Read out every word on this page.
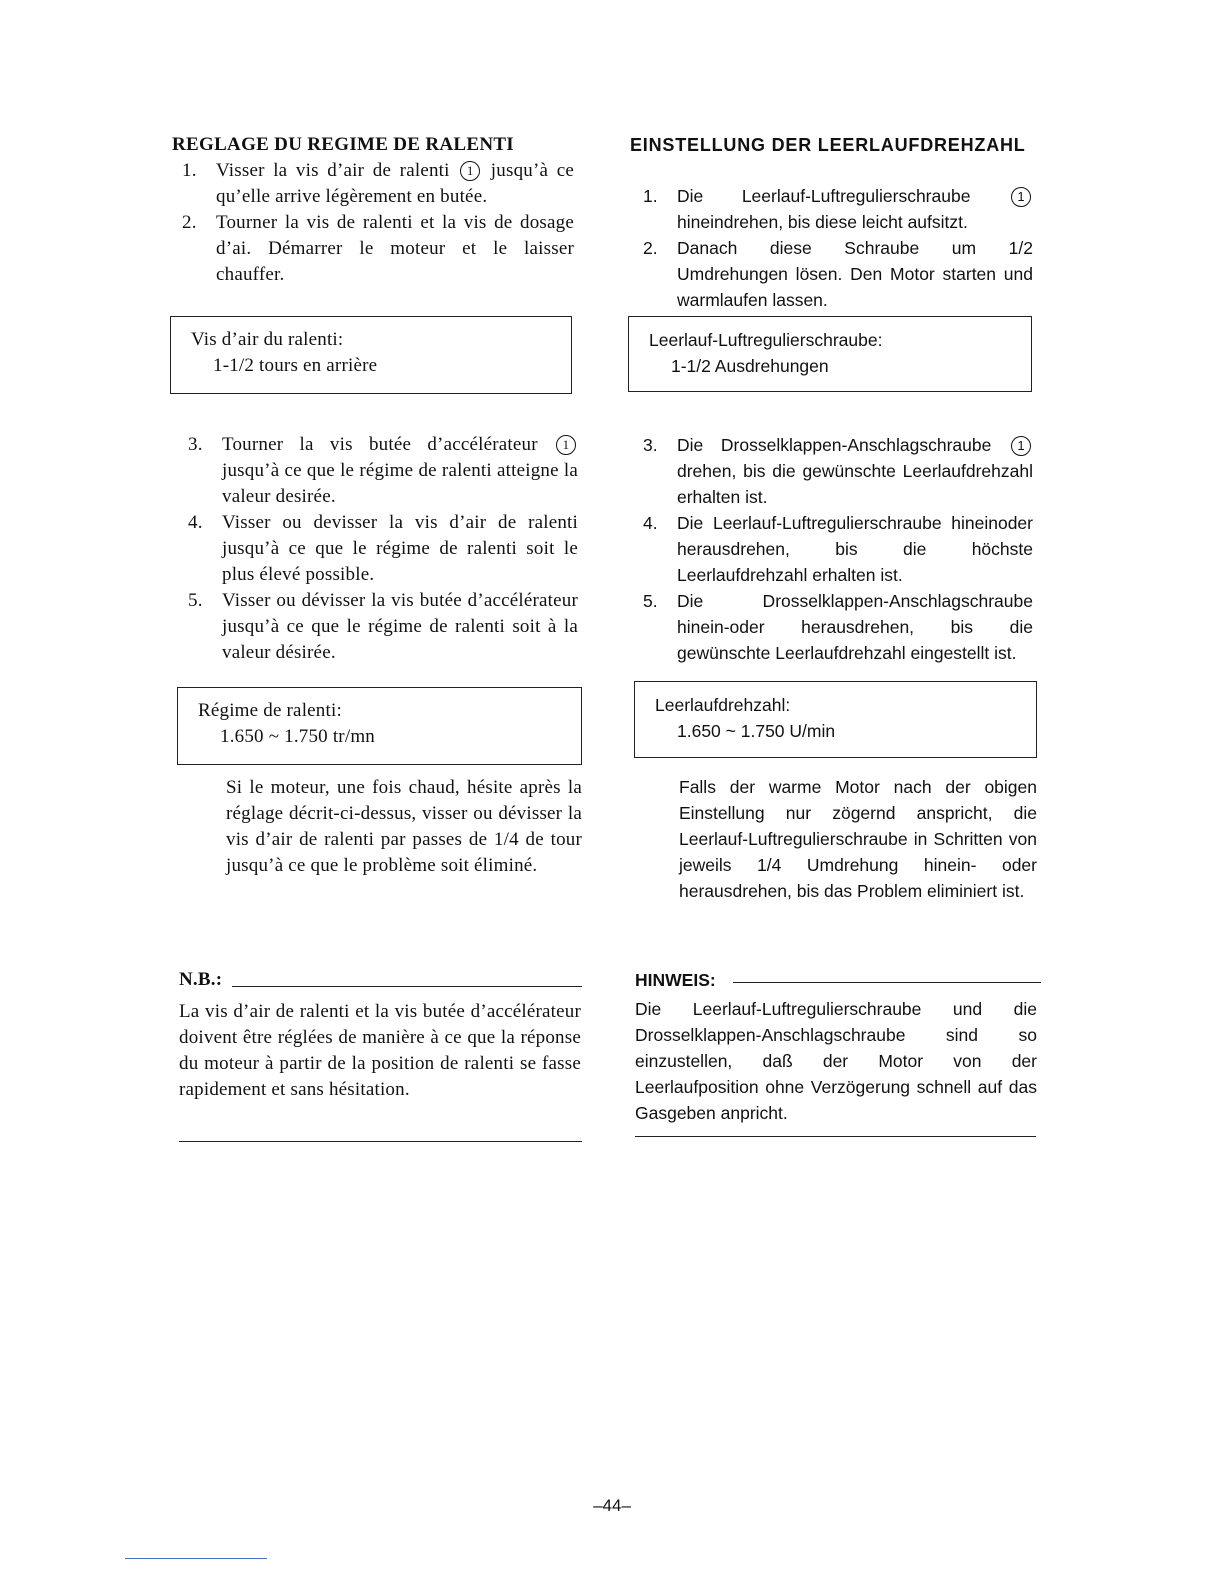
REGLAGE DU REGIME DE RALENTI
1. Visser la vis d’air de ralenti 1 jusqu’à ce qu’elle arrive légèrement en butée.
2. Tourner la vis de ralenti et la vis de dosage d’ai. Démarrer le moteur et le laisser chauffer.
Vis d’air du ralenti:
1-1/2 tours en arrière
3. Tourner la vis butée d’accélérateur 1 jusqu’à ce que le régime de ralenti atteigne la valeur desirée.
4. Visser ou devisser la vis d’air de ralenti jusqu’à ce que le régime de ralenti soit le plus élevé possible.
5. Visser ou dévisser la vis butée d’accélérateur jusqu’à ce que le régime de ralenti soit à la valeur désirée.
Régime de ralenti:
1.650 ~ 1.750 tr/mn
Si le moteur, une fois chaud, hésite après la réglage décrit-ci-dessus, visser ou dévisser la vis d’air de ralenti par passes de 1/4 de tour jusqu’à ce que le problème soit éliminé.
N.B.:
La vis d’air de ralenti et la vis butée d’accélérateur doivent être réglées de manière à ce que la réponse du moteur à partir de la position de ralenti se fasse rapidement et sans hésitation.
EINSTELLUNG DER LEERLAUFDREHZAHL
1. Die Leerlauf-Luftregulierschraube 1 hineindrehen, bis diese leicht aufsitzt.
2. Danach diese Schraube um 1/2 Umdrehungen lösen. Den Motor starten und warmlaufen lassen.
Leerlauf-Luftregulierschraube:
1-1/2 Ausdrehungen
3. Die Drosselklappen-Anschlagschraube 1 drehen, bis die gewünschte Leerlaufdrehzahl erhalten ist.
4. Die Leerlauf-Luftregulierschraube hineinoder herausdrehen, bis die höchste Leerlaufdrehzahl erhalten ist.
5. Die Drosselklappen-Anschlagschraube hinein-oder herausdrehen, bis die gewünschte Leerlaufdrehzahl eingestellt ist.
Leerlaufdrehzahl:
1.650 ~ 1.750 U/min
Falls der warme Motor nach der obigen Einstellung nur zögernd anspricht, die Leerlauf-Luftregulierschraube in Schritten von jeweils 1/4 Umdrehung hinein- oder herausdrehen, bis das Problem eliminiert ist.
HINWEIS:
Die Leerlauf-Luftregulierschraube und die Drosselklappen-Anschlagschraube sind so einzustellen, daß der Motor von der Leerlaufposition ohne Verzögerung schnell auf das Gasgeben anpricht.
–44–
